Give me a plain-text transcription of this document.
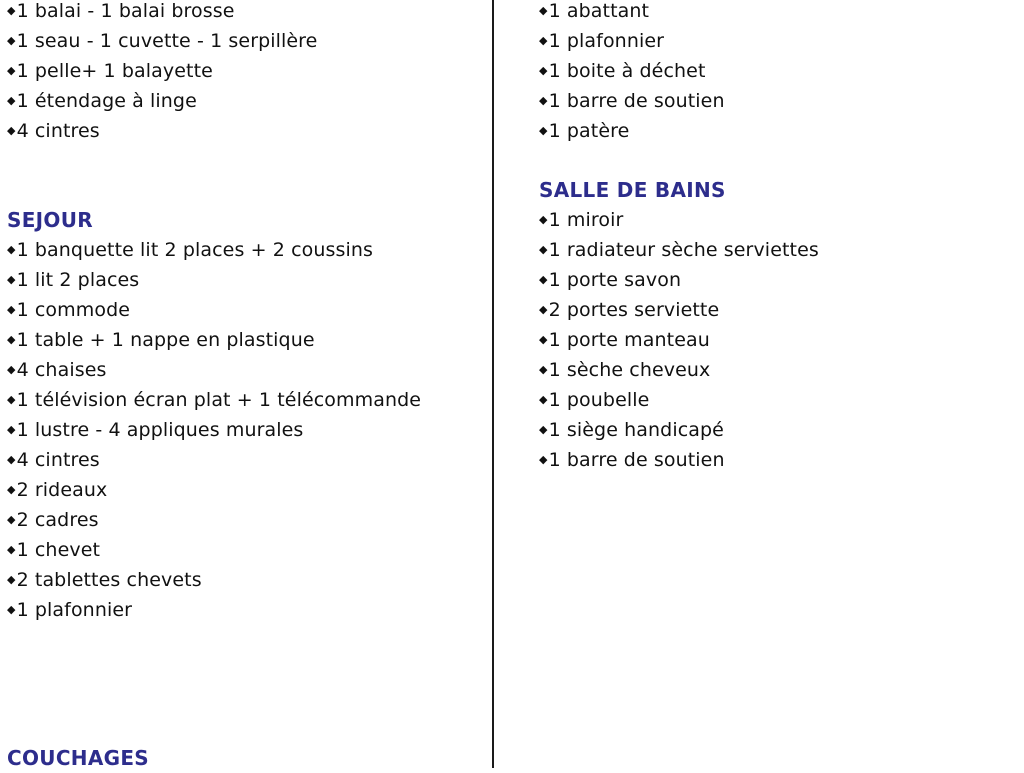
◆1 balai - 1 balai brosse
◆1 seau - 1 cuvette - 1 serpillère
◆1 pelle+ 1 balayette
◆1 étendage à linge
◆4 cintres
SEJOUR
◆1 banquette lit 2 places + 2 coussins
◆1 lit 2 places
◆1 commode
◆1 table + 1 nappe en plastique
◆4 chaises
◆1 télévision écran plat + 1 télécommande
◆1 lustre - 4 appliques murales
◆4 cintres
◆2 rideaux
◆2 cadres
◆1 chevet
◆2 tablettes chevets
◆1 plafonnier
COUCHAGES
◆1 abattant
◆1 plafonnier
◆1 boite à déchet
◆1 barre de soutien
◆1 patère
SALLE DE BAINS
◆1 miroir
◆1 radiateur sèche serviettes
◆1 porte savon
◆2 portes serviette
◆1 porte manteau
◆1 sèche cheveux
◆1 poubelle
◆1 siège handicapé
◆1 barre de soutien
